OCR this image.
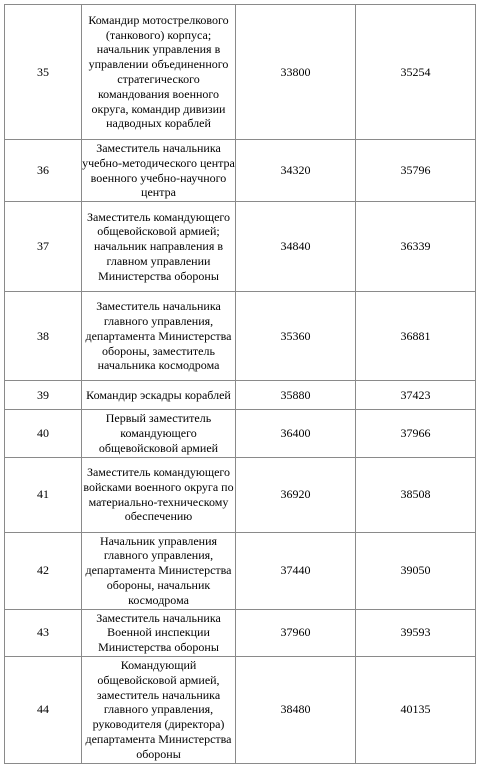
35	Командир мотострелкового (танкового) корпуса; начальник управления в управлении объединенного стратегического командования военного округа, командир дивизии надводных кораблей	33800	35254
36	Заместитель начальника учебно-методического центра военного учебно-научного центра	34320	35796
37	Заместитель командующего общевойсковой армией; начальник направления в главном управлении Министерства обороны	34840	36339
38	Заместитель начальника главного управления, департамента Министерства обороны, заместитель начальника космодрома	35360	36881
39	Командир эскадры кораблей	35880	37423
40	Первый заместитель командующего общевойсковой армией	36400	37966
41	Заместитель командующего войсками военного округа по материально-техническому обеспечению	36920	38508
42	Начальник управления главного управления, департамента Министерства обороны, начальник космодрома	37440	39050
43	Заместитель начальника Военной инспекции Министерства обороны	37960	39593
44	Командующий общевойсковой армией, заместитель начальника главного управления, руководителя (директора) департамента Министерства обороны	38480	40135
